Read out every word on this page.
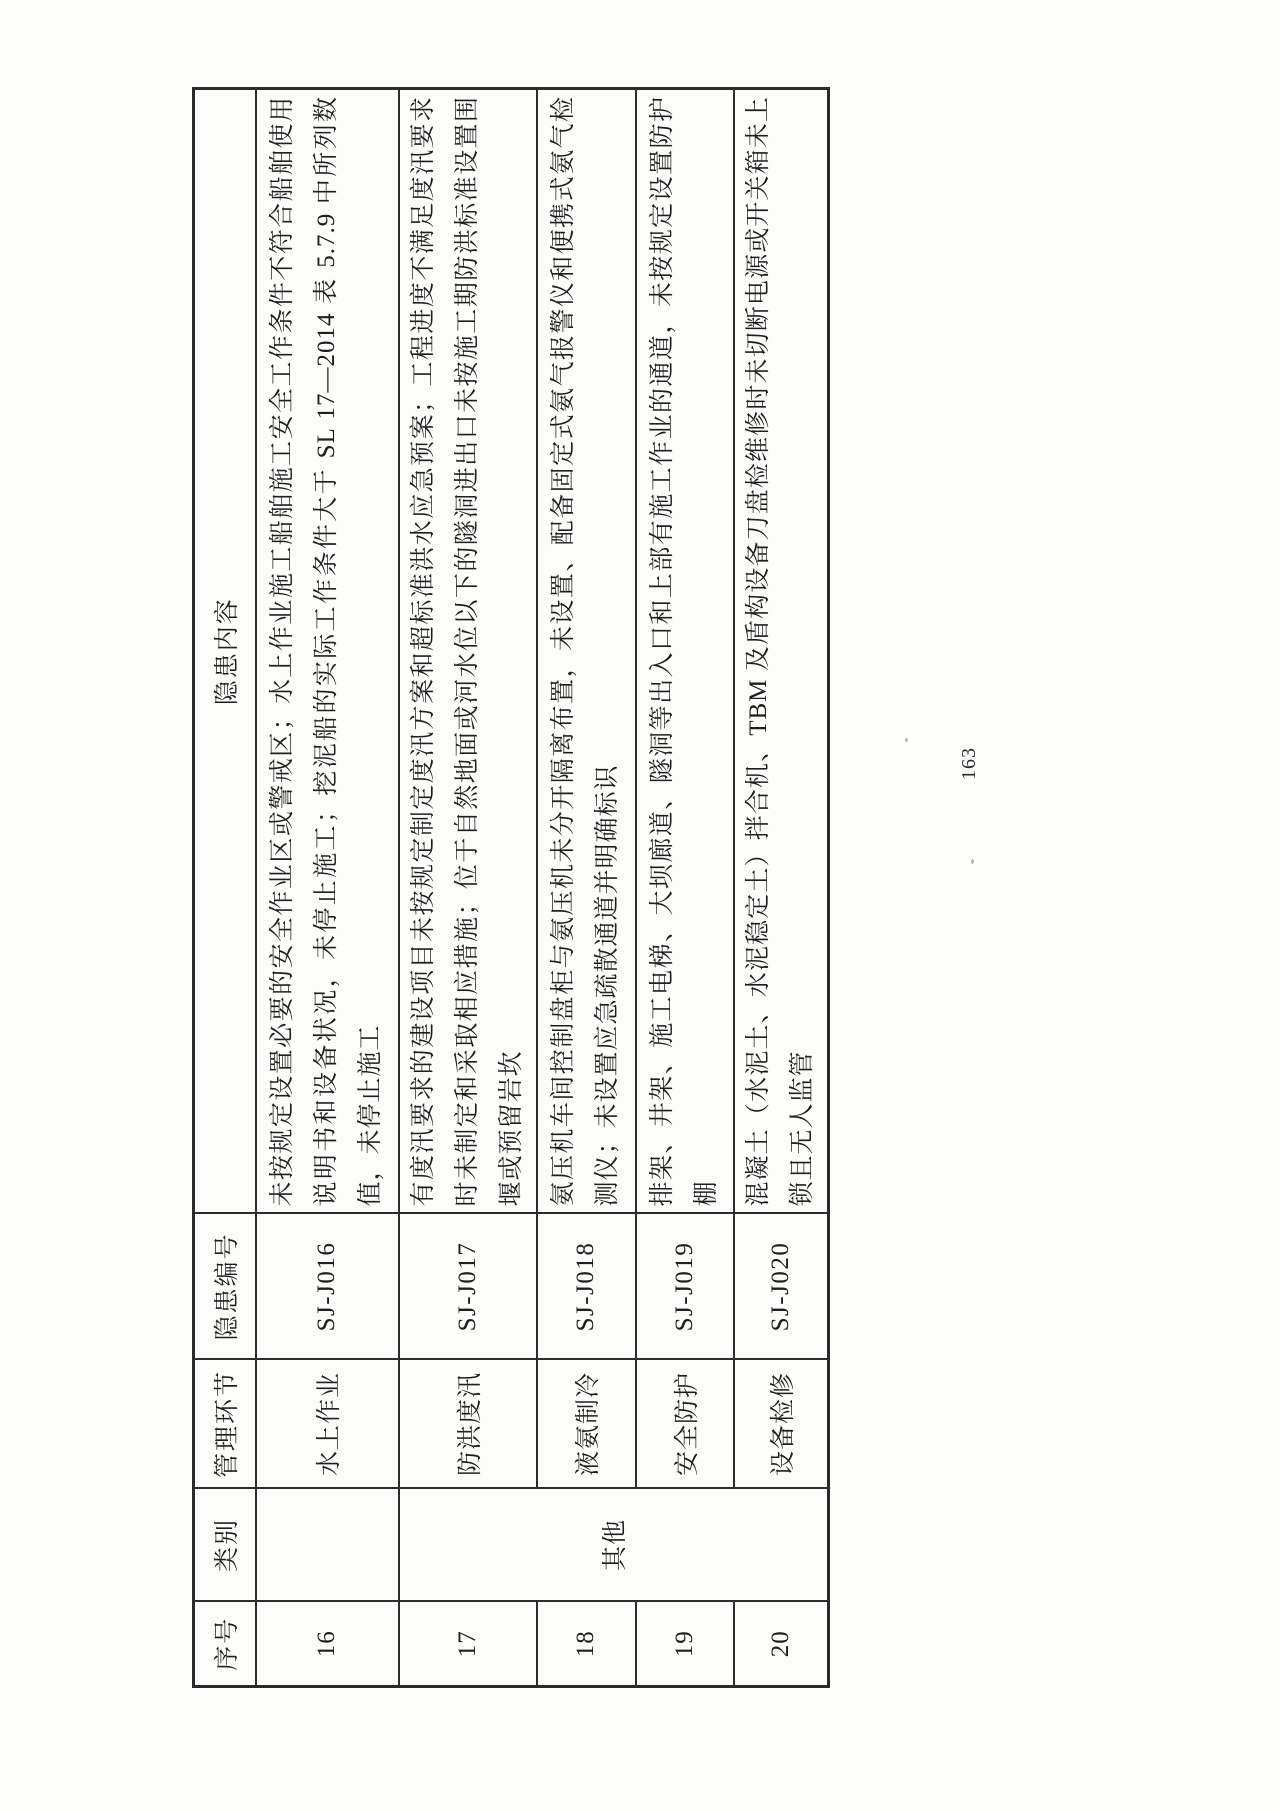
序号	类别	管理环节	隐患编号	隐患内容
16		水上作业	SJ-J016	未按规定设置必要的安全作业区或警戒区；水上作业施工船舶施工安全工作条件不符合船舶使用说明书和设备状况，未停止施工；挖泥船的实际工作条件大于 SL 17—2014 表 5.7.9 中所列数值，未停止施工
17	其他	防洪度汛	SJ-J017	有度汛要求的建设项目未按规定制定度汛方案和超标准洪水应急预案；工程进度不满足度汛要求时未制定和采取相应措施；位于自然地面或河水位以下的隧洞进出口未按施工期防洪标准设置围堰或预留岩坎
18		液氨制冷	SJ-J018	氨压机车间控制盘柜与氨压机未分开隔离布置，未设置、配备固定式氨气报警仪和便携式氨气检测仪；未设置应急疏散通道并明确标识
19		安全防护	SJ-J019	排架、井架、施工电梯、大坝廊道、隧洞等出入口和上部有施工作业的通道，未按规定设置防护棚
20		设备检修	SJ-J020	混凝土（水泥土、水泥稳定土）拌合机、TBM 及盾构设备刀盘检维修时未切断电源或开关箱未上锁且无人监管
163
